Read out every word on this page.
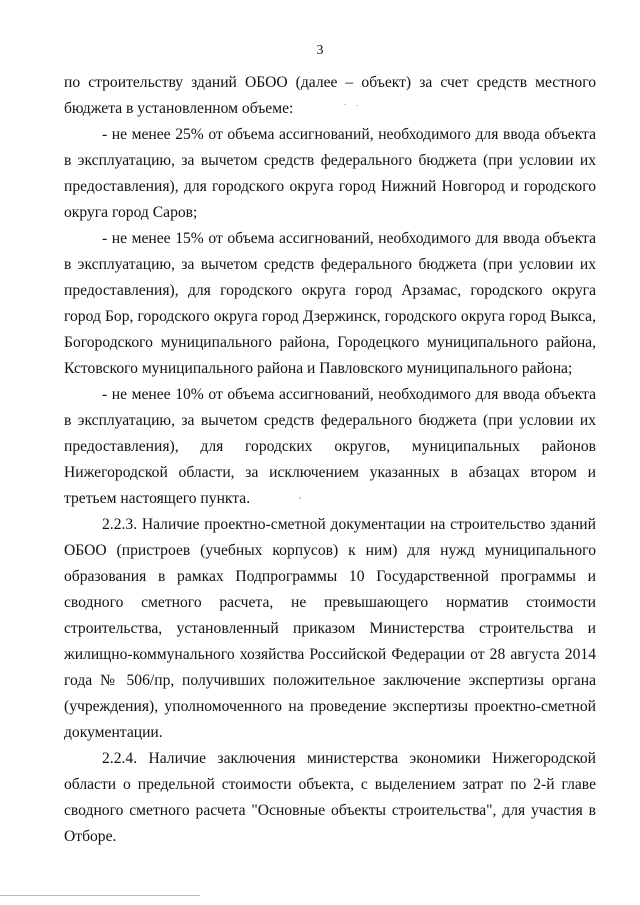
3

по строительству зданий ОБОО (далее – объект) за счет средств местного бюджета в установленном объеме:

- не менее 25% от объема ассигнований, необходимого для ввода объекта в эксплуатацию, за вычетом средств федерального бюджета (при условии их предоставления), для городского округа город Нижний Новгород и городского округа город Саров;

- не менее 15% от объема ассигнований, необходимого для ввода объекта в эксплуатацию, за вычетом средств федерального бюджета (при условии их предоставления), для городского округа город Арзамас, городского округа город Бор, городского округа город Дзержинск, городского округа город Выкса, Богородского муниципального района, Городецкого муниципального района, Кстовского муниципального района и Павловского муниципального района;

- не менее 10% от объема ассигнований, необходимого для ввода объекта в эксплуатацию, за вычетом средств федерального бюджета (при условии их предоставления), для городских округов, муниципальных районов Нижегородской области, за исключением указанных в абзацах втором и третьем настоящего пункта.

2.2.3. Наличие проектно-сметной документации на строительство зданий ОБОО (пристроев (учебных корпусов) к ним) для нужд муниципального образования в рамках Подпрограммы 10 Государственной программы и сводного сметного расчета, не превышающего норматив стоимости строительства, установленный приказом Министерства строительства и жилищно-коммунального хозяйства Российской Федерации от 28 августа 2014 года № 506/пр, получивших положительное заключение экспертизы органа (учреждения), уполномоченного на проведение экспертизы проектно-сметной документации.

2.2.4. Наличие заключения министерства экономики Нижегородской области о предельной стоимости объекта, с выделением затрат по 2-й главе сводного сметного расчета "Основные объекты строительства", для участия в Отборе.
